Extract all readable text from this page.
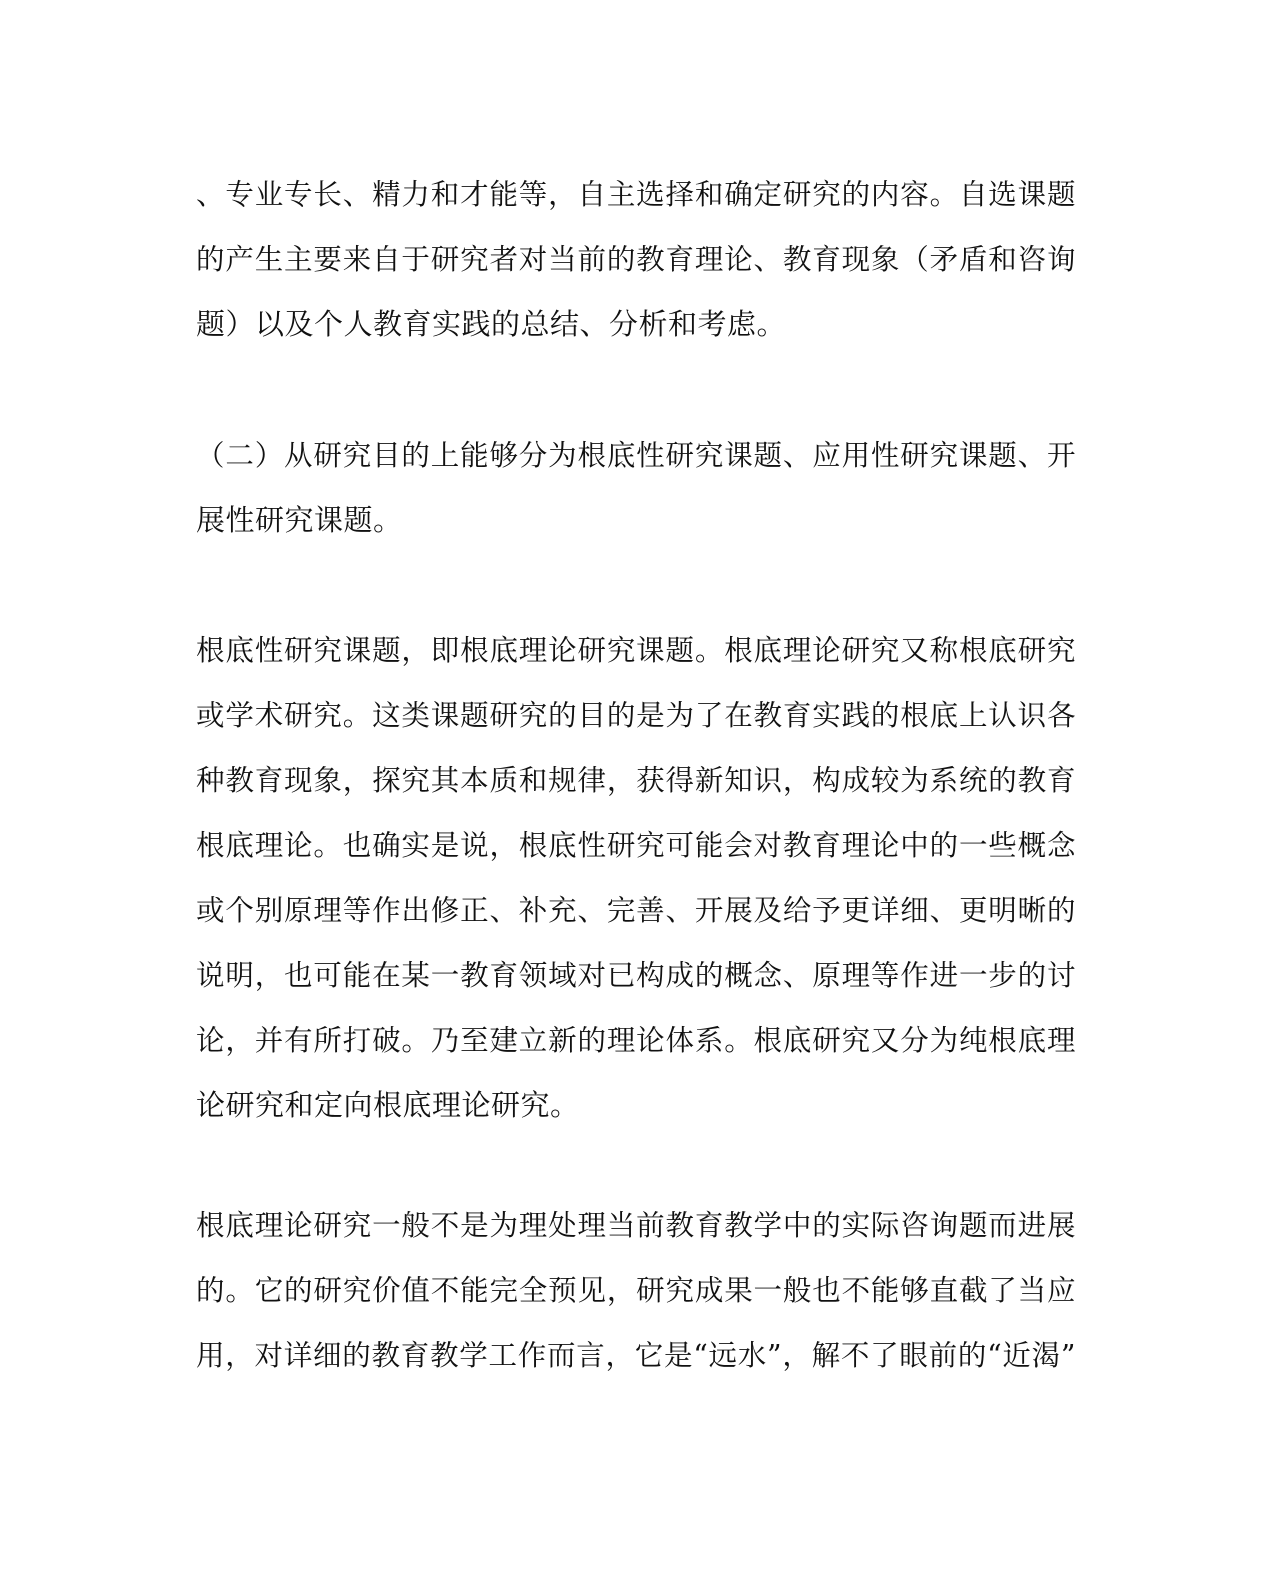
、专业专长、精力和才能等，自主选择和确定研究的内容。自选课题
的产生主要来自于研究者对当前的教育理论、教育现象（矛盾和咨询
题）以及个人教育实践的总结、分析和考虑。
（二）从研究目的上能够分为根底性研究课题、应用性研究课题、开
展性研究课题。
根底性研究课题，即根底理论研究课题。根底理论研究又称根底研究
或学术研究。这类课题研究的目的是为了在教育实践的根底上认识各
种教育现象，探究其本质和规律，获得新知识，构成较为系统的教育
根底理论。也确实是说，根底性研究可能会对教育理论中的一些概念
或个别原理等作出修正、补充、完善、开展及给予更详细、更明晰的
说明，也可能在某一教育领域对已构成的概念、原理等作进一步的讨
论，并有所打破。乃至建立新的理论体系。根底研究又分为纯根底理
论研究和定向根底理论研究。
根底理论研究一般不是为理处理当前教育教学中的实际咨询题而进展
的。它的研究价值不能完全预见，研究成果一般也不能够直截了当应
用，对详细的教育教学工作而言，它是“远水”，解不了眼前的“近渴”
